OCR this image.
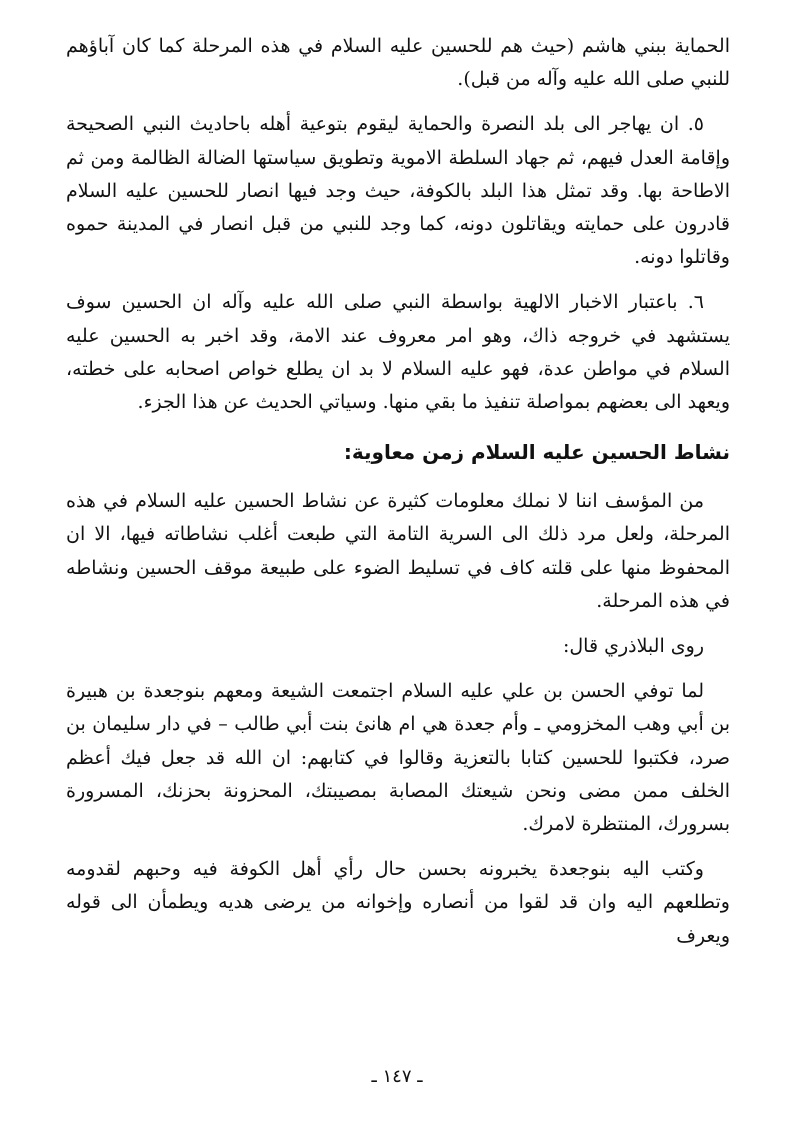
الحماية ببني هاشم (حيث هم للحسين عليه السلام في هذه المرحلة كما كان آباؤهم للنبي صلى الله عليه وآله من قبل).

٥. ان يهاجر الى بلد النصرة والحماية ليقوم بتوعية أهله باحاديث النبي الصحيحة وإقامة العدل فيهم، ثم جهاد السلطة الاموية وتطويق سياستها الضالة الظالمة ومن ثم الاطاحة بها. وقد تمثل هذا البلد بالكوفة، حيث وجد فيها انصار للحسين عليه السلام قادرون على حمايته ويقاتلون دونه، كما وجد للنبي من قبل انصار في المدينة حموه وقاتلوا دونه.

٦. باعتبار الاخبار الالهية بواسطة النبي صلى الله عليه وآله ان الحسين سوف يستشهد في خروجه ذاك، وهو امر معروف عند الامة، وقد اخبر به الحسين عليه السلام في مواطن عدة، فهو عليه السلام لا بد ان يطلع خواص اصحابه على خطته، ويعهد الى بعضهم بمواصلة تنفيذ ما بقي منها. وسياتي الحديث عن هذا الجزء.

نشاط الحسين عليه السلام زمن معاوية:

من المؤسف اننا لا نملك معلومات كثيرة عن نشاط الحسين عليه السلام في هذه المرحلة، ولعل مرد ذلك الى السرية التامة التي طبعت أغلب نشاطاته فيها، الا ان المحفوظ منها على قلته كاف في تسليط الضوء على طبيعة موقف الحسين ونشاطه في هذه المرحلة.

روى البلاذري قال:

لما توفي الحسن بن علي عليه السلام اجتمعت الشيعة ومعهم بنوجعدة بن هبيرة بن أبي وهب المخزومي ـ وأم جعدة هي ام هانئ بنت أبي طالب – في دار سليمان بن صرد، فكتبوا للحسين كتابا بالتعزية وقالوا في كتابهم: ان الله قد جعل فيك أعظم الخلف ممن مضى ونحن شيعتك المصابة بمصيبتك، المحزونة بحزنك، المسرورة بسرورك، المنتظرة لامرك.

وكتب اليه بنوجعدة يخبرونه بحسن حال رأي أهل الكوفة فيه وحبهم لقدومه وتطلعهم اليه وان قد لقوا من أنصاره وإخوانه من يرضى هديه ويطمأن الى قوله ويعرف

ـ ١٤٧ ـ
